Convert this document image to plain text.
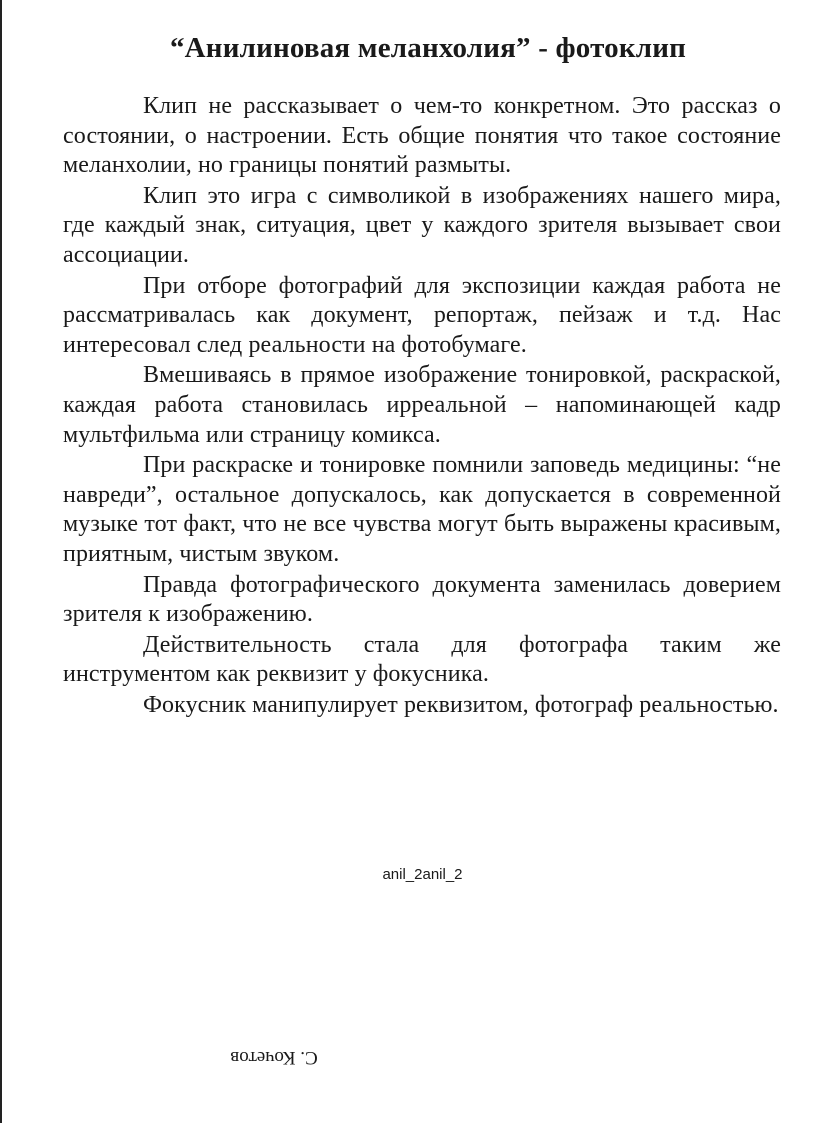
“Анилиновая меланхолия” - фотоклип

Клип не рассказывает о чем-то конкретном. Это рассказ о состоянии, о настроении. Есть общие понятия что такое состояние меланхолии, но границы понятий размыты.

Клип это игра с символикой в изображениях нашего мира, где каждый знак, ситуация, цвет у каждого зрителя вызывает свои ассоциации.

При отборе фотографий для экспозиции каждая работа не рассматривалась как документ, репортаж, пейзаж и т.д. Нас интересовал след реальности на фотобумаге.

Вмешиваясь в прямое изображение тонировкой, раскраской, каждая работа становилась ирреальной – напоминающей кадр мультфильма или страницу комикса.

При раскраске и тонировке помнили заповедь медицины: “не навреди”, остальное допускалось, как допускается в современной музыке тот факт, что не все чувства могут быть выражены красивым, приятным, чистым звуком.

Правда фотографического документа заменилась доверием зрителя к изображению.

Действительность стала для фотографа таким же инструментом как реквизит у фокусника.

Фокусник манипулирует реквизитом, фотограф реальностью.

anil_2anil_2
С. Кочетов
